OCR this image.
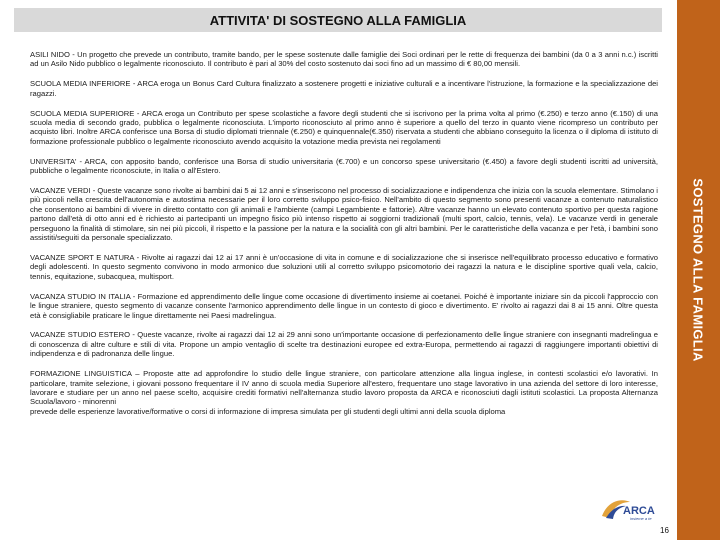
ATTIVITA' DI SOSTEGNO ALLA FAMIGLIA
SOSTEGNO ALLA FAMIGLIA

ASILI NIDO - Un progetto che prevede un contributo, tramite bando, per le spese sostenute dalle famiglie dei Soci ordinari per le rette di frequenza dei bambini (da 0 a 3 anni n.c.) iscritti ad un Asilo Nido pubblico o legalmente riconosciuto. Il contributo è pari al 30% del costo sostenuto dai soci fino ad un massimo di € 80,00 mensili.

SCUOLA MEDIA INFERIORE - ARCA eroga un Bonus Card Cultura finalizzato a sostenere progetti e iniziative culturali e a incentivare l'istruzione, la formazione e la specializzazione dei ragazzi.

SCUOLA MEDIA SUPERIORE - ARCA eroga un Contributo per spese scolastiche a favore degli studenti che si iscrivono per la prima volta al primo (€.250) e terzo anno (€.150) di una scuola media di secondo grado, pubblica o legalmente riconosciuta. L'importo riconosciuto al primo anno è superiore a quello del terzo in quanto viene ricompreso un contributo per acquisto libri. Inoltre ARCA conferisce una Borsa di studio diplomati triennale (€.250) e quinquennale(€.350) riservata a studenti che abbiano conseguito la licenza o il diploma di istituto di formazione professionale pubblico o legalmente riconosciuto avendo acquisito la votazione media prevista nei regolamenti

UNIVERSITA' - ARCA, con apposito bando, conferisce una Borsa di studio universitaria (€.700) e un concorso spese universitario (€.450) a favore degli studenti iscritti ad università, pubbliche o legalmente riconosciute, in Italia o all'Estero.

VACANZE VERDI - Queste vacanze sono rivolte ai bambini dai 5 ai 12 anni e s'inseriscono nel processo di socializzazione e indipendenza che inizia con la scuola elementare. Stimolano i più piccoli nella crescita dell'autonomia e autostima necessarie per il loro corretto sviluppo psico-fisico. Nell'ambito di questo segmento sono presenti vacanze a contenuto naturalistico che consentono ai bambini di vivere in diretto contatto con gli animali e l'ambiente (campi Legambiente e fattorie). Altre vacanze hanno un elevato contenuto sportivo per questa ragione partono dall'età di otto anni ed è richiesto ai partecipanti un impegno fisico più intenso rispetto ai soggiorni tradizionali (multi sport, calcio, tennis, vela). Le vacanze verdi in generale perseguono la finalità di stimolare, sin nei più piccoli, il rispetto e la passione per la natura e la socialità con gli altri bambini. Per le caratteristiche della vacanza e per l'età, i bambini sono assistiti/seguiti da personale specializzato.

VACANZE SPORT E NATURA - Rivolte ai ragazzi dai 12 ai 17 anni è un'occasione di vita in comune e di socializzazione che si inserisce nell'equilibrato processo educativo e formativo degli adolescenti. In questo segmento convivono in modo armonico due soluzioni utili al corretto sviluppo psicomotorio dei ragazzi la natura e le discipline sportive quali vela, calcio, tennis, equitazione, subacquea, multisport.

VACANZA STUDIO IN ITALIA - Formazione ed apprendimento delle lingue come occasione di divertimento insieme ai coetanei. Poiché è importante iniziare sin da piccoli l'approccio con le lingue straniere, questo segmento di vacanze consente l'armonico apprendimento delle lingue in un contesto di gioco e divertimento. E' rivolto ai ragazzi dai 8 ai 15 anni. Oltre questa età è consigliabile praticare le lingue direttamente nei Paesi madrelingua.

VACANZE STUDIO ESTERO - Queste vacanze, rivolte ai ragazzi dai 12 ai 29 anni sono un'importante occasione di perfezionamento delle lingue straniere con insegnanti madrelingua e di conoscenza di altre culture e stili di vita. Propone un ampio ventaglio di scelte tra destinazioni europee ed extra-Europa, permettendo ai ragazzi di raggiungere importanti obiettivi di indipendenza e di padronanza delle lingue.

FORMAZIONE LINGUISTICA – Proposte atte ad approfondire lo studio delle lingue straniere, con particolare attenzione alla lingua inglese, in contesti scolastici e/o lavorativi. In particolare, tramite selezione, i giovani possono frequentare il IV anno di scuola media Superiore all'estero, frequentare uno stage lavorativo in una azienda del settore di loro interesse, lavorare e studiare per un anno nel paese scelto, acquisire crediti formativi nell'alternanza studio lavoro proposta da ARCA e riconosciuti dagli istituti scolastici. La proposta Alternanza Scuola/lavoro - minorenni

prevede delle esperienze lavorative/formative o corsi di informazione di impresa simulata per gli studenti degli ultimi anni della scuola diploma

ARCA
insieme a te
16
